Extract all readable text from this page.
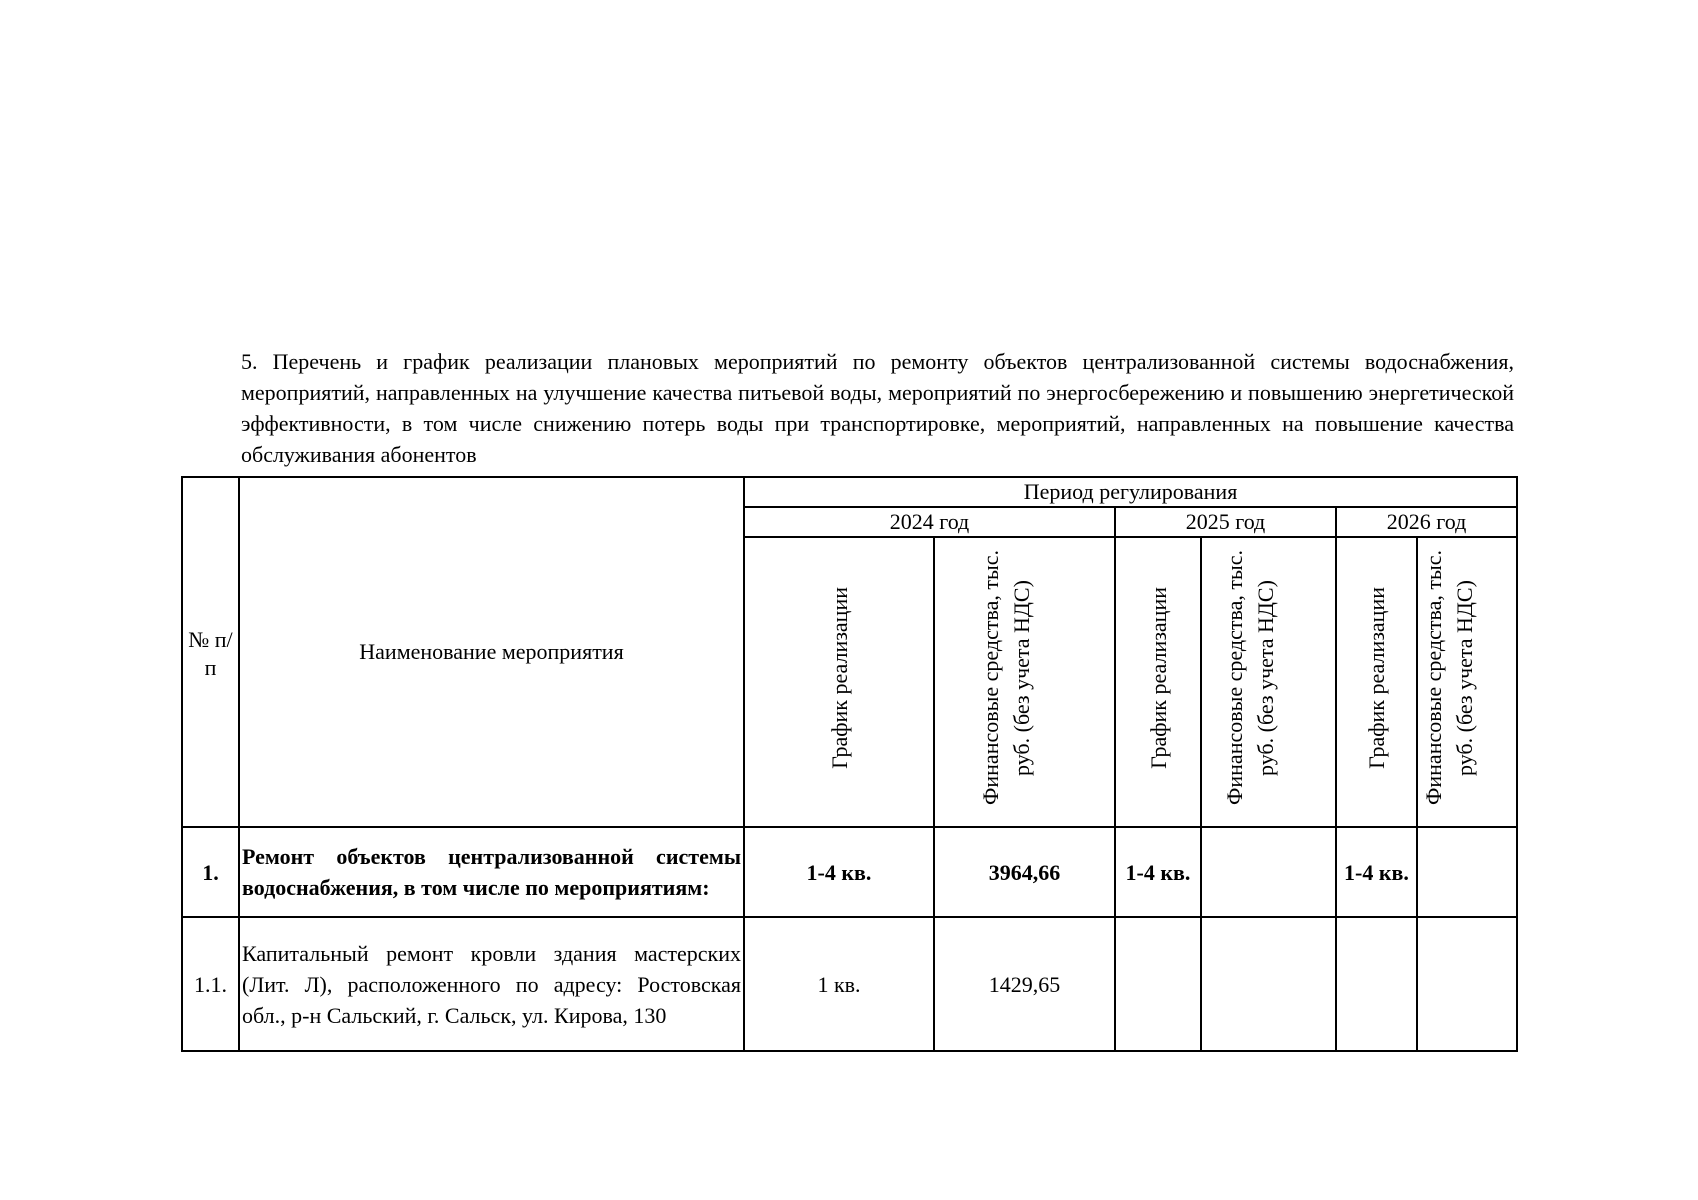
5. Перечень и график реализации плановых мероприятий по ремонту объектов централизованной системы водоснабжения, мероприятий, направленных на улучшение качества питьевой воды, мероприятий по энергосбережению и повышению энергетической эффективности, в том числе снижению потерь воды при транспортировке, мероприятий, направленных на повышение качества обслуживания абонентов

№ п/п	Наименование мероприятия	Период регулирования					
		2024 год		2025 год		2026 год	
		График реализации	Финансовые средства, тыс. руб. (без учета НДС)	График реализации	Финансовые средства, тыс. руб. (без учета НДС)	График реализации	Финансовые средства, тыс. руб. (без учета НДС)
1.	Ремонт объектов централизованной системы водоснабжения, в том числе по мероприятиям:	1-4 кв.	3964,66	1-4 кв.		1-4 кв.	
1.1.	Капитальный ремонт кровли здания мастерских (Лит. Л), расположенного по адресу: Ростовская обл., р-н Сальский, г. Сальск, ул. Кирова, 130	1 кв.	1429,65				
